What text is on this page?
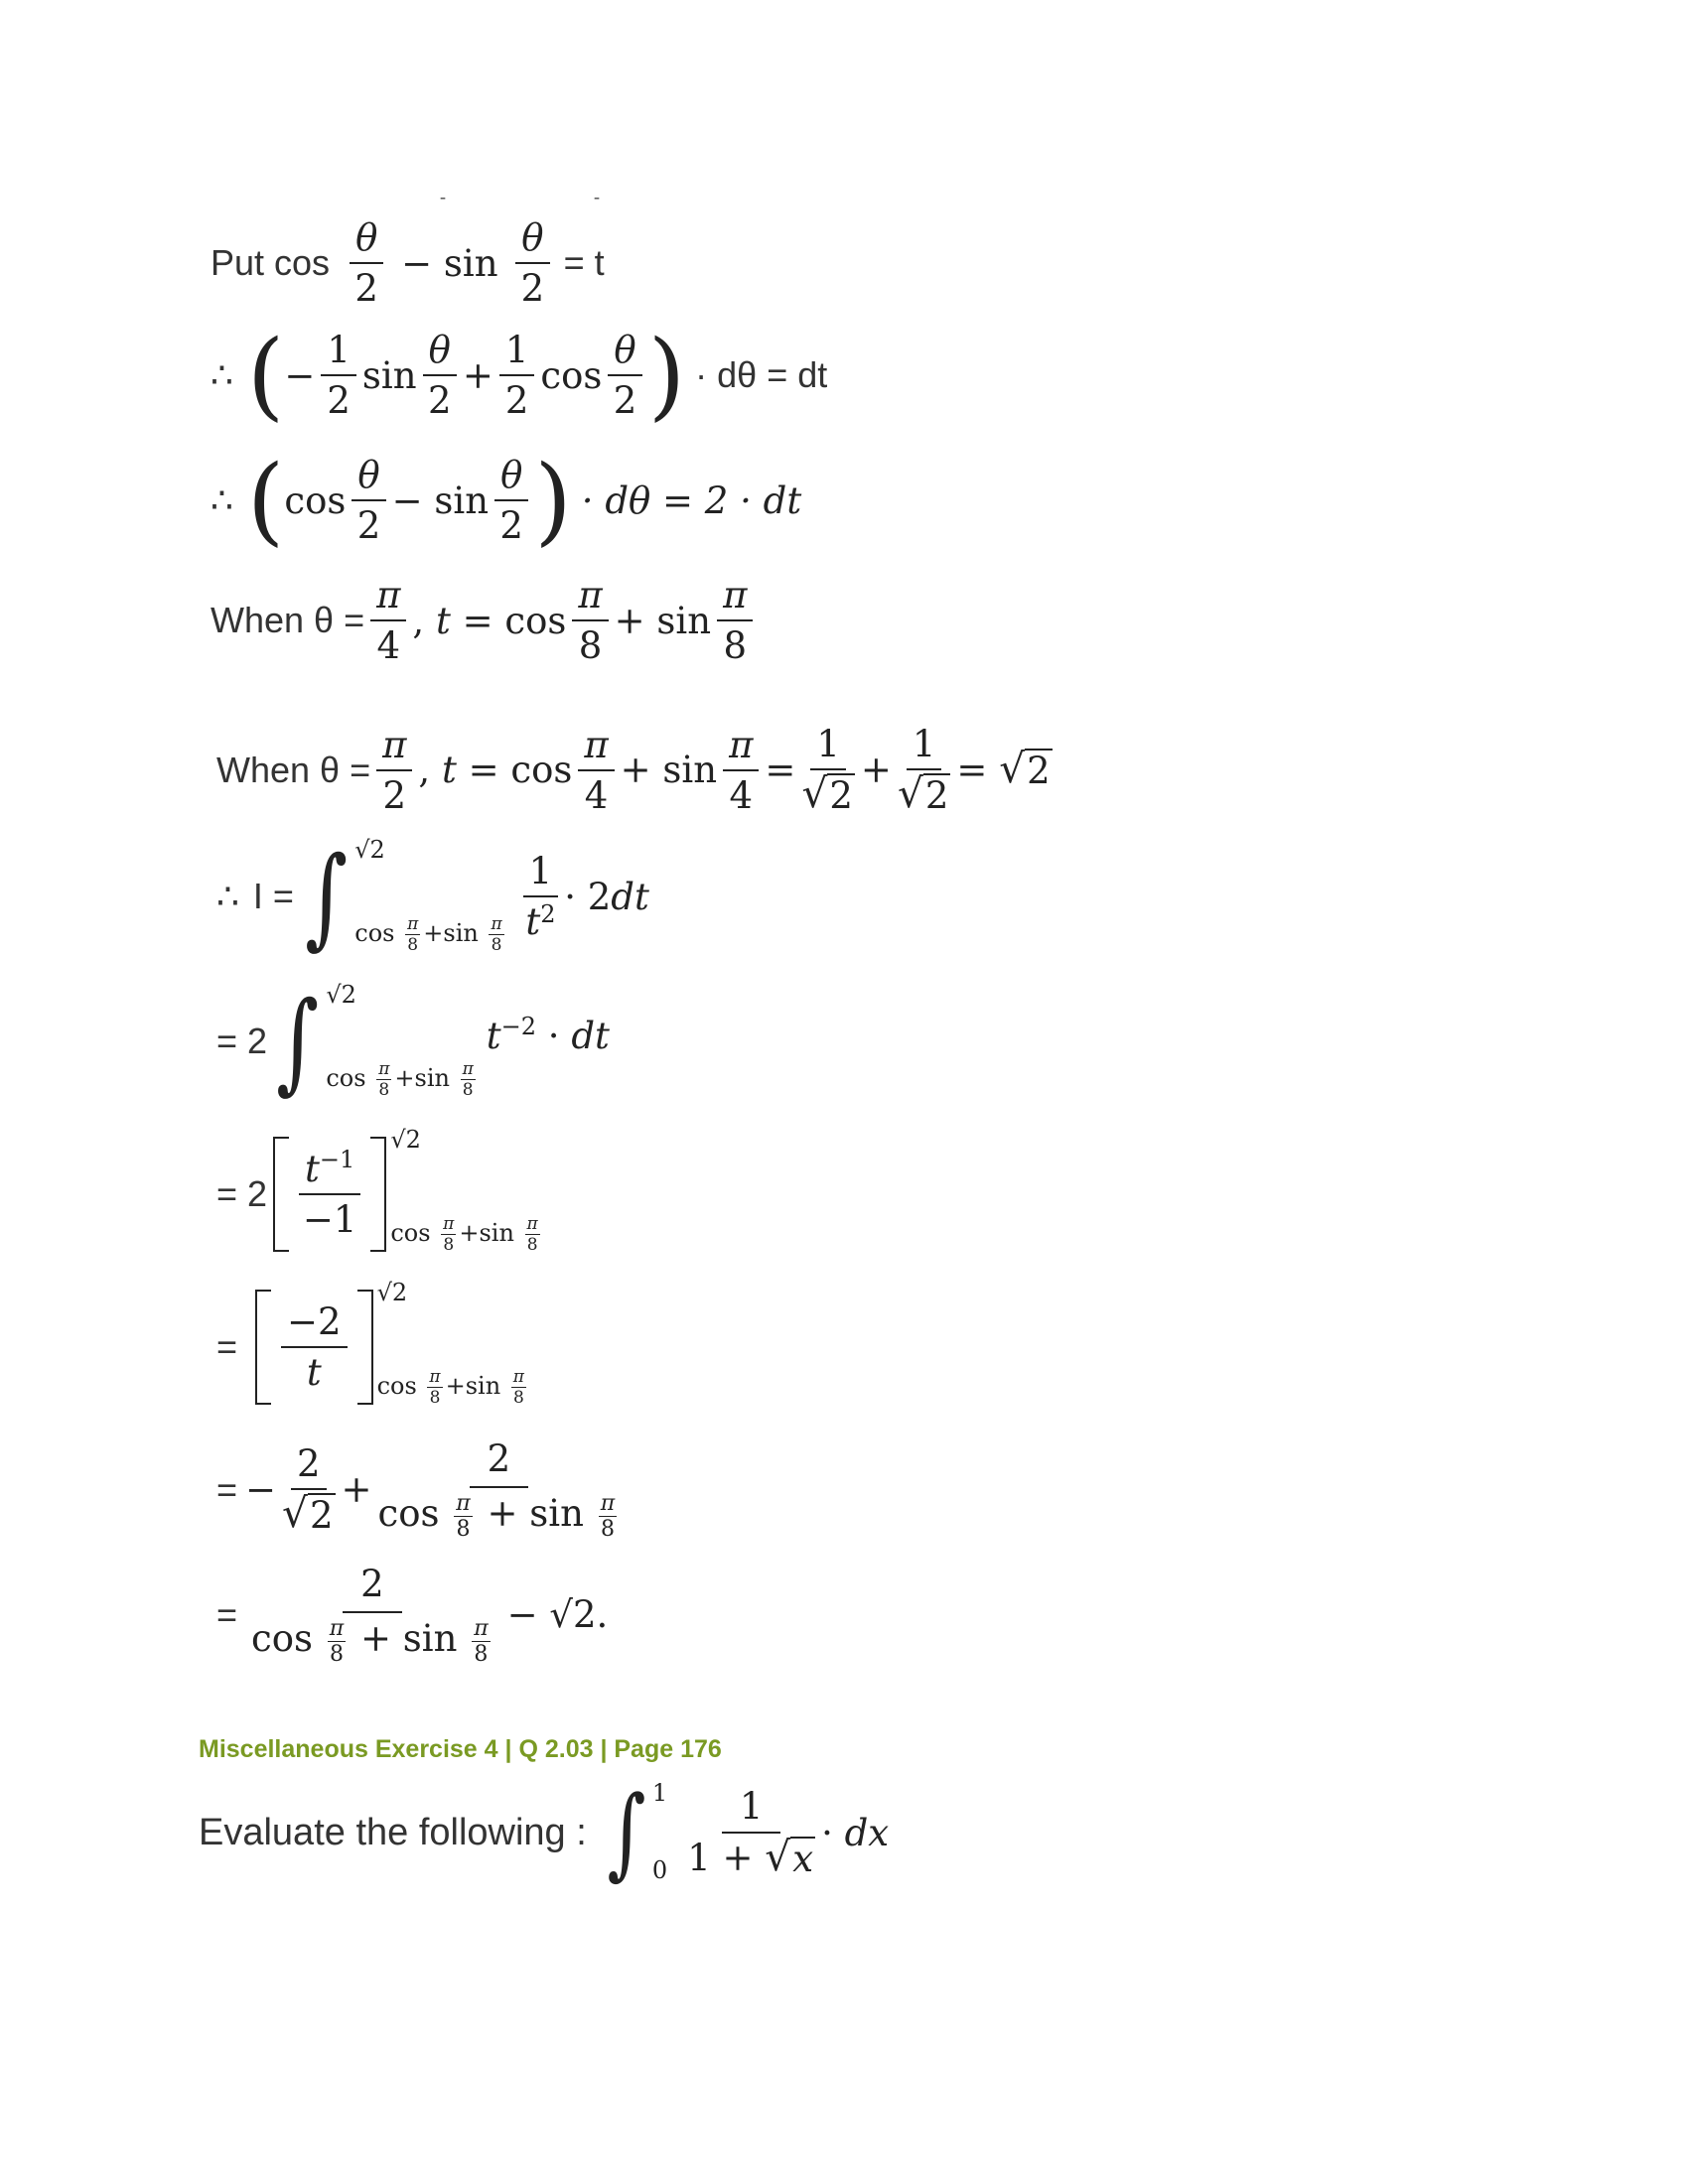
-	-
Put $\cos \frac{\theta}{2} - \sin \frac{\theta}{2} = t$
∴ ( − $\frac{1}{2}$ $\sin \frac{\theta}{2} + \frac{1}{2}$ $\cos \frac{\theta}{2}$ ) · dθ = dt
∴ ( $\cos \frac{\theta}{2} - \sin \frac{\theta}{2}$ ) · dθ = 2 · dt
When $\theta = \frac{\pi}{4}$ , $t = \cos \frac{\pi}{8} + \sin \frac{\pi}{8}$
When $\theta = \frac{\pi}{2}$ , $t = \cos \frac{\pi}{4} + \sin \frac{\pi}{4} = \frac{1}{√ 2} + \frac{1}{√ 2}$ = √ 2
∴ I = ∫ √2
$\cos \frac{\pi}{8} +\sin \frac{\pi}{8} \frac{1}{t^2} \cdot 2dt$
= 2 ∫ √2
$\cos \frac{\pi}{8} +\sin \frac{\pi}{8}$
$t^{-2}$ · dt
= $2 \frac{t^{-1}}{-1}$
√2
$\cos \frac{\pi}{8} +\sin \frac{\pi}{8}$
= $\frac{-2}{t}$
√2
$\cos \frac{\pi}{8} +\sin \frac{\pi}{8}$
= − $\frac{2}{√ 2} + \frac{2}{\cos \frac{\pi}{8} + \sin \frac{\pi}{8}}$
= $\frac{2}{\cos \frac{\pi}{8} + \sin \frac{\pi}{8}} - √2$.
Miscellaneous Exercise 4 | Q 2.03 | Page 176
Evaluate the following : ∫ 1
$0 \frac{1}{1 + √ x}$ · dx
